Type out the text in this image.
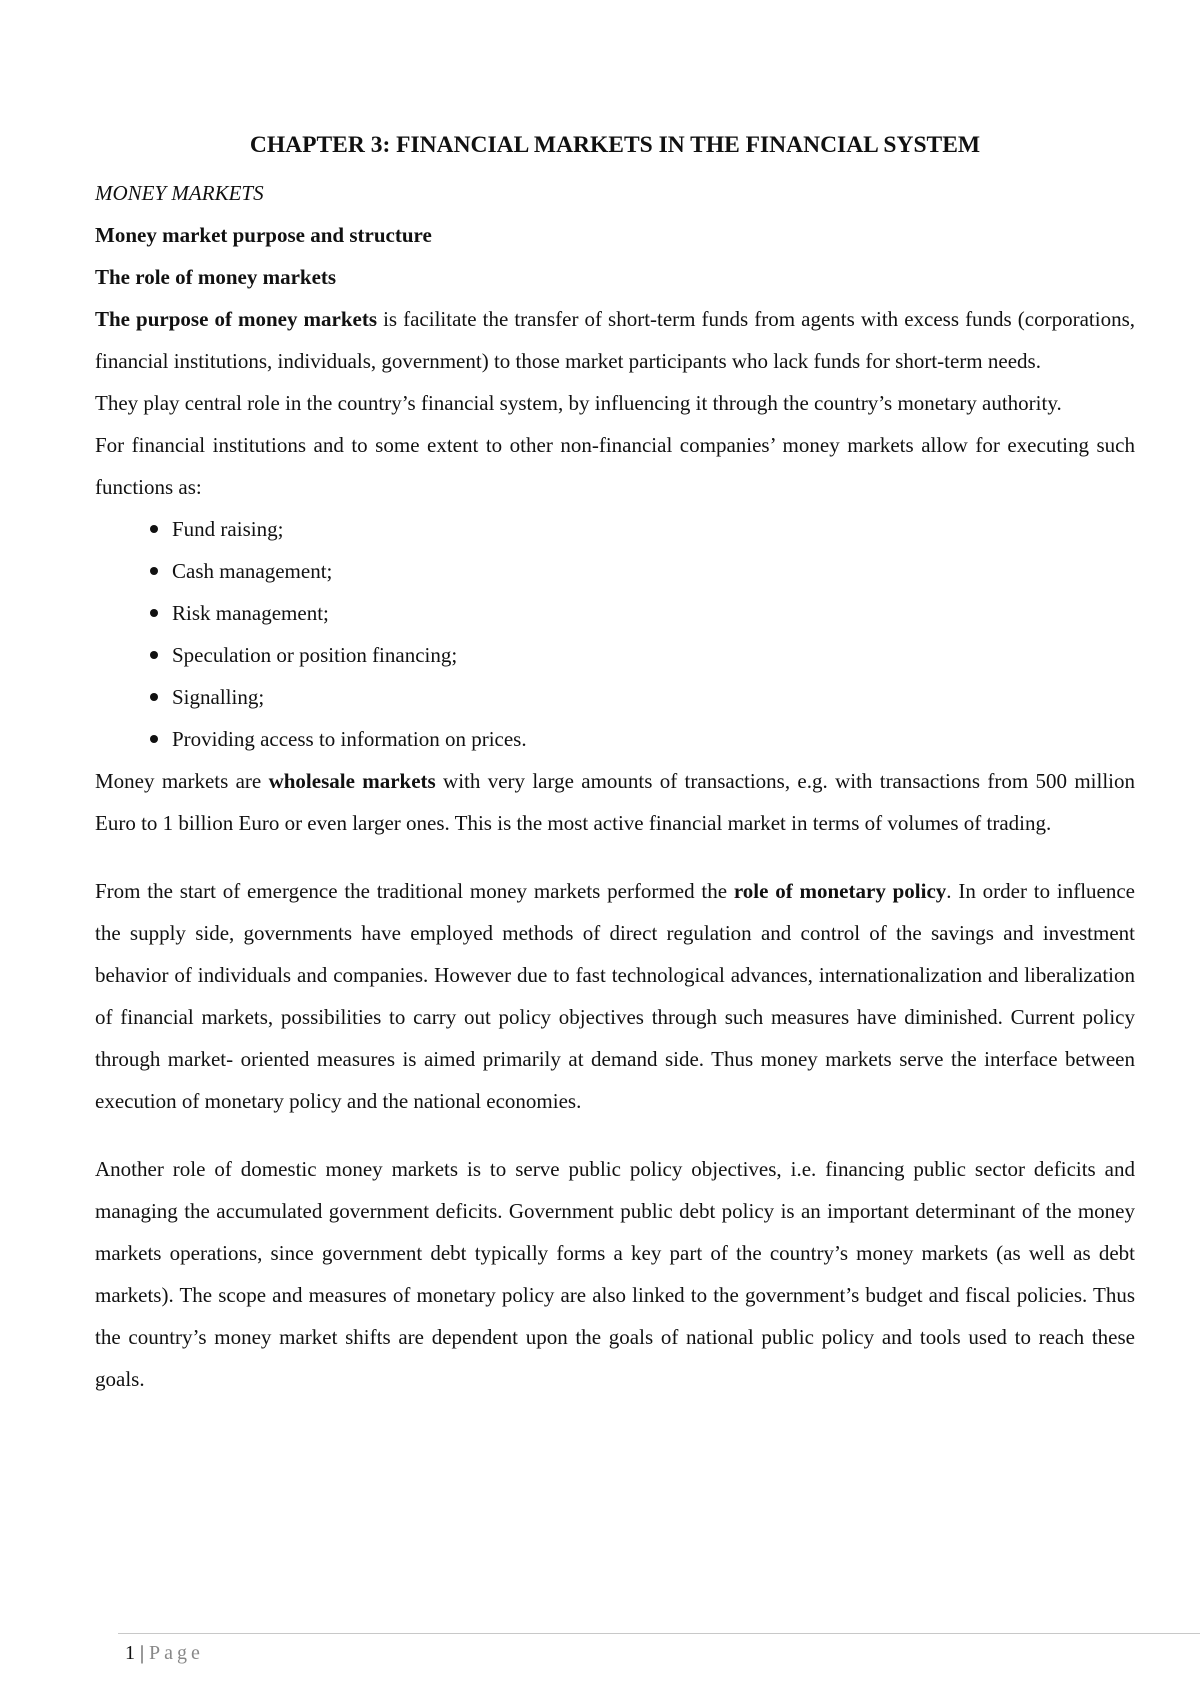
CHAPTER 3: FINANCIAL MARKETS IN THE FINANCIAL SYSTEM

MONEY MARKETS

Money market purpose and structure

The role of money markets

The purpose of money markets is facilitate the transfer of short-term funds from agents with excess funds (corporations, financial institutions, individuals, government) to those market participants who lack funds for short-term needs.

They play central role in the country’s financial system, by influencing it through the country’s monetary authority.

For financial institutions and to some extent to other non-financial companies’ money markets allow for executing such functions as:

Fund raising;
Cash management;
Risk management;
Speculation or position financing;
Signalling;
Providing access to information on prices.

Money markets are wholesale markets with very large amounts of transactions, e.g. with transactions from 500 million Euro to 1 billion Euro or even larger ones. This is the most active financial market in terms of volumes of trading.

From the start of emergence the traditional money markets performed the role of monetary policy. In order to influence the supply side, governments have employed methods of direct regulation and control of the savings and investment behavior of individuals and companies. However due to fast technological advances, internationalization and liberalization of financial markets, possibilities to carry out policy objectives through such measures have diminished. Current policy through market- oriented measures is aimed primarily at demand side. Thus money markets serve the interface between execution of monetary policy and the national economies.

Another role of domestic money markets is to serve public policy objectives, i.e. financing public sector deficits and managing the accumulated government deficits. Government public debt policy is an important determinant of the money markets operations, since government debt typically forms a key part of the country’s money markets (as well as debt markets). The scope and measures of monetary policy are also linked to the government’s budget and fiscal policies. Thus the country’s money market shifts are dependent upon the goals of national public policy and tools used to reach these goals.

1 | Page
